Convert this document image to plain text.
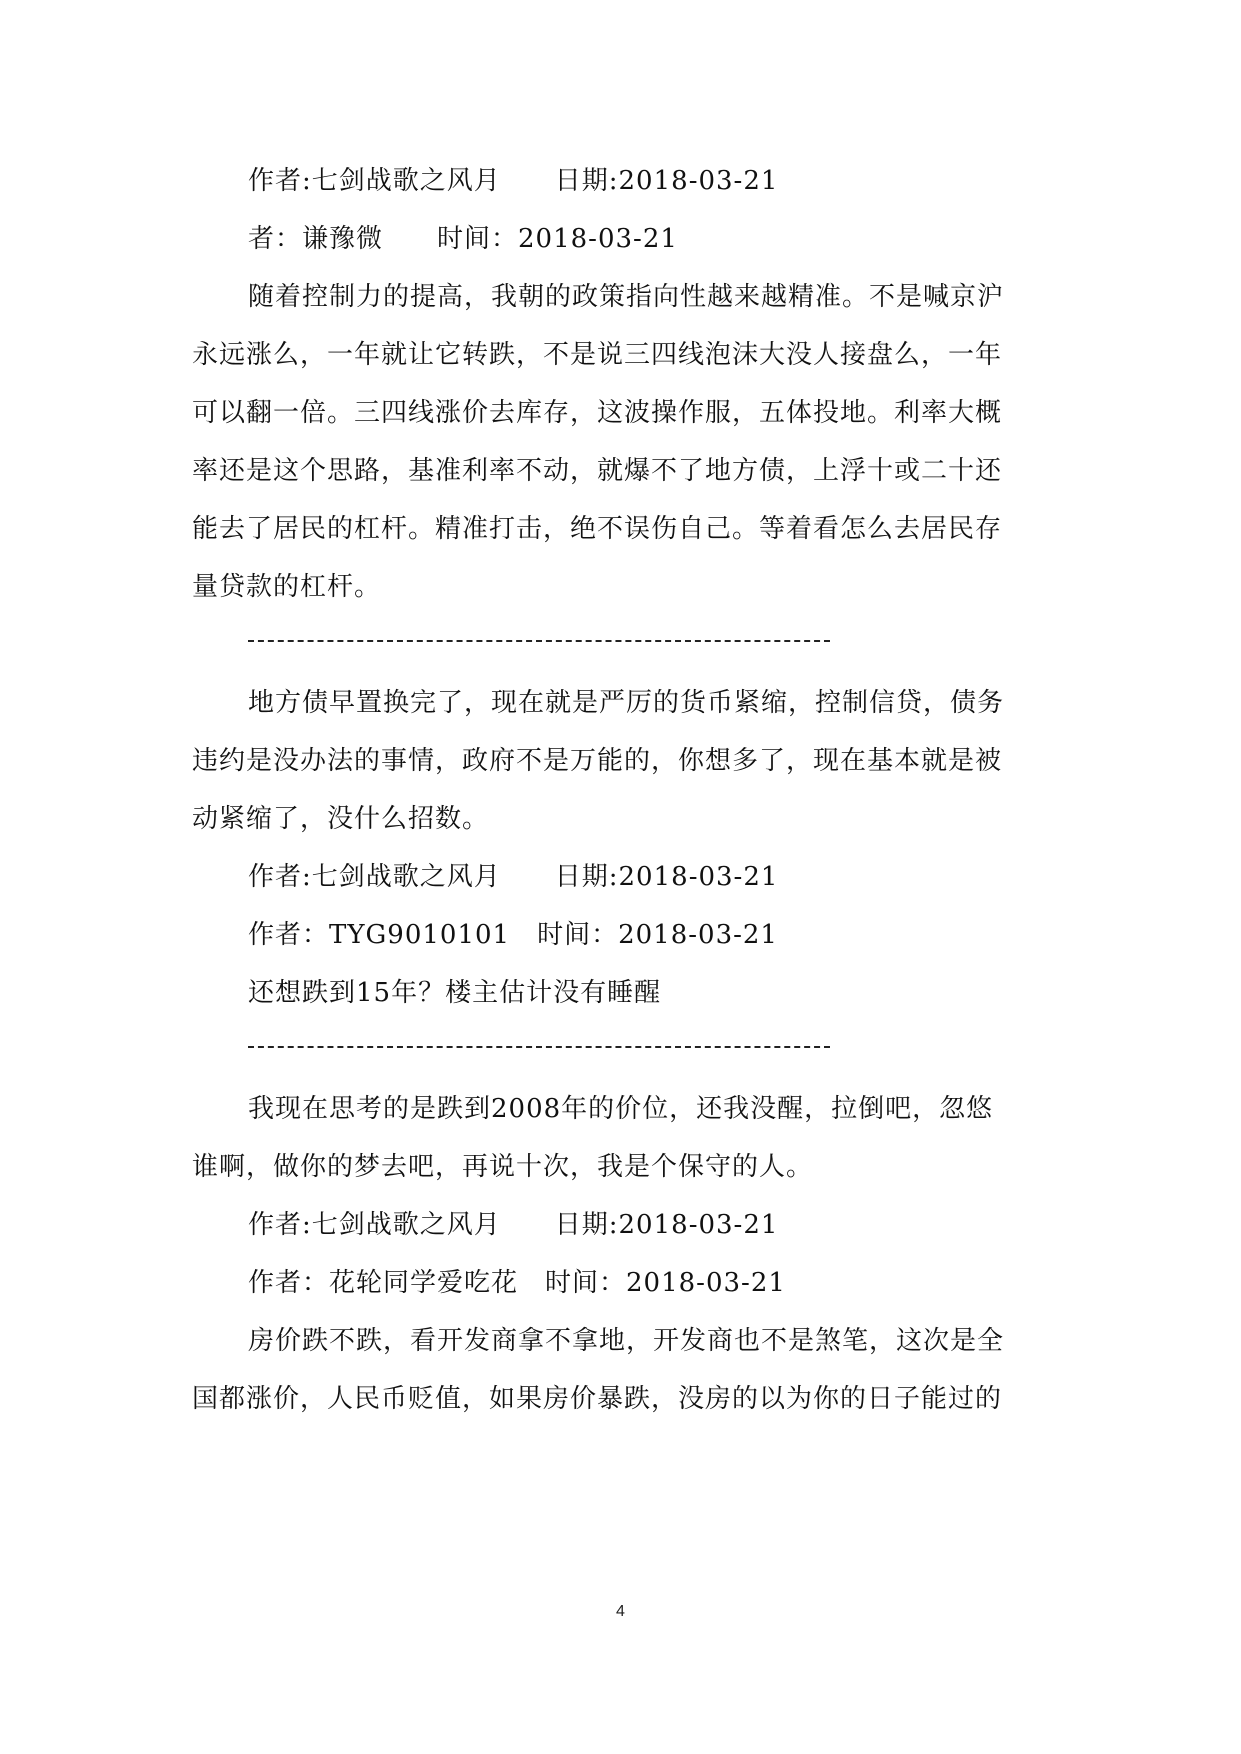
作者:七剑战歌之风月　　日期:2018-03-21
者：谦豫微　　时间：2018-03-21
随着控制力的提高，我朝的政策指向性越来越精准。不是喊京沪
永远涨么，一年就让它转跌，不是说三四线泡沫大没人接盘么，一年
可以翻一倍。三四线涨价去库存，这波操作服，五体投地。利率大概
率还是这个思路，基准利率不动，就爆不了地方债，上浮十或二十还
能去了居民的杠杆。精准打击，绝不误伤自己。等着看怎么去居民存
量贷款的杠杆。
地方债早置换完了，现在就是严厉的货币紧缩，控制信贷，债务
违约是没办法的事情，政府不是万能的，你想多了，现在基本就是被
动紧缩了，没什么招数。
作者:七剑战歌之风月　　日期:2018-03-21
作者：TYG9010101　时间：2018-03-21
还想跌到15年？楼主估计没有睡醒
我现在思考的是跌到2008年的价位，还我没醒，拉倒吧，忽悠
谁啊，做你的梦去吧，再说十次，我是个保守的人。
作者:七剑战歌之风月　　日期:2018-03-21
作者：花轮同学爱吃花　时间：2018-03-21
房价跌不跌，看开发商拿不拿地，开发商也不是煞笔，这次是全
国都涨价，人民币贬值，如果房价暴跌，没房的以为你的日子能过的
4
